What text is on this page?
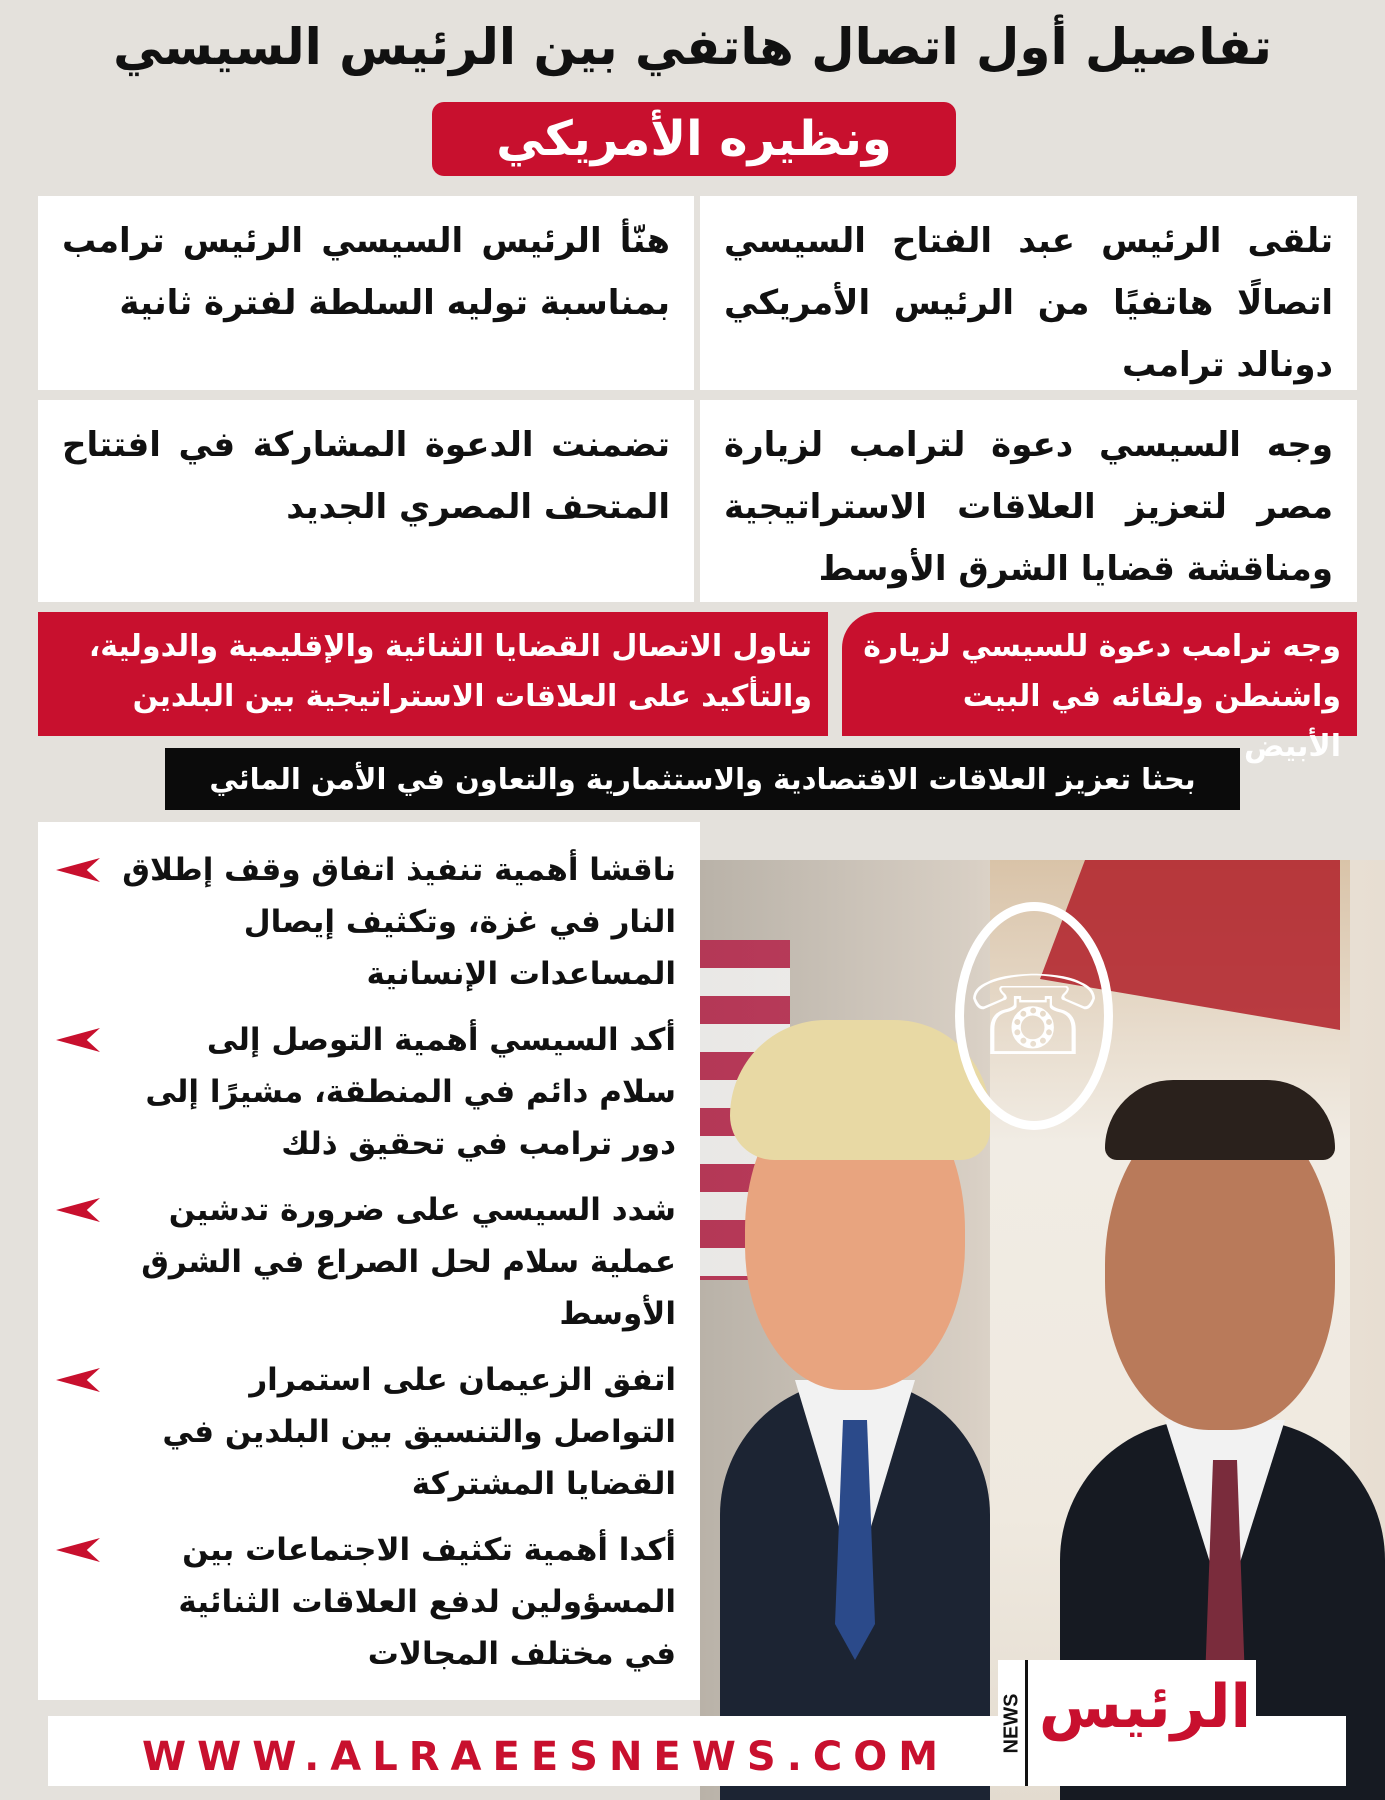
تفاصيل أول اتصال هاتفي بين الرئيس السيسي
ونظيره الأمريكي
تلقى الرئيس عبد الفتاح السيسي اتصالًا هاتفيًا من الرئيس الأمريكي دونالد ترامب
هنّأ الرئيس السيسي الرئيس ترامب بمناسبة توليه السلطة لفترة ثانية
وجه السيسي دعوة لترامب لزيارة مصر لتعزيز العلاقات الاستراتيجية ومناقشة قضايا الشرق الأوسط
تضمنت الدعوة المشاركة في افتتاح المتحف المصري الجديد
وجه ترامب دعوة للسيسي لزيارة واشنطن ولقائه في البيت الأبيض
تناول الاتصال القضايا الثنائية والإقليمية والدولية، والتأكيد على العلاقات الاستراتيجية بين البلدين
بحثا تعزيز العلاقات الاقتصادية والاستثمارية والتعاون في الأمن المائي
☏
ناقشا أهمية تنفيذ اتفاق وقف إطلاق النار في غزة، وتكثيف إيصال المساعدات الإنسانية
أكد السيسي أهمية التوصل إلى سلام دائم في المنطقة، مشيرًا إلى دور ترامب في تحقيق ذلك
شدد السيسي على ضرورة تدشين عملية سلام لحل الصراع في الشرق الأوسط
اتفق الزعيمان على استمرار التواصل والتنسيق بين البلدين في القضايا المشتركة
أكدا أهمية تكثيف الاجتماعات بين المسؤولين لدفع العلاقات الثنائية في مختلف المجالات
WWW.ALRAEESNEWS.COM
NEWS الرئيس
